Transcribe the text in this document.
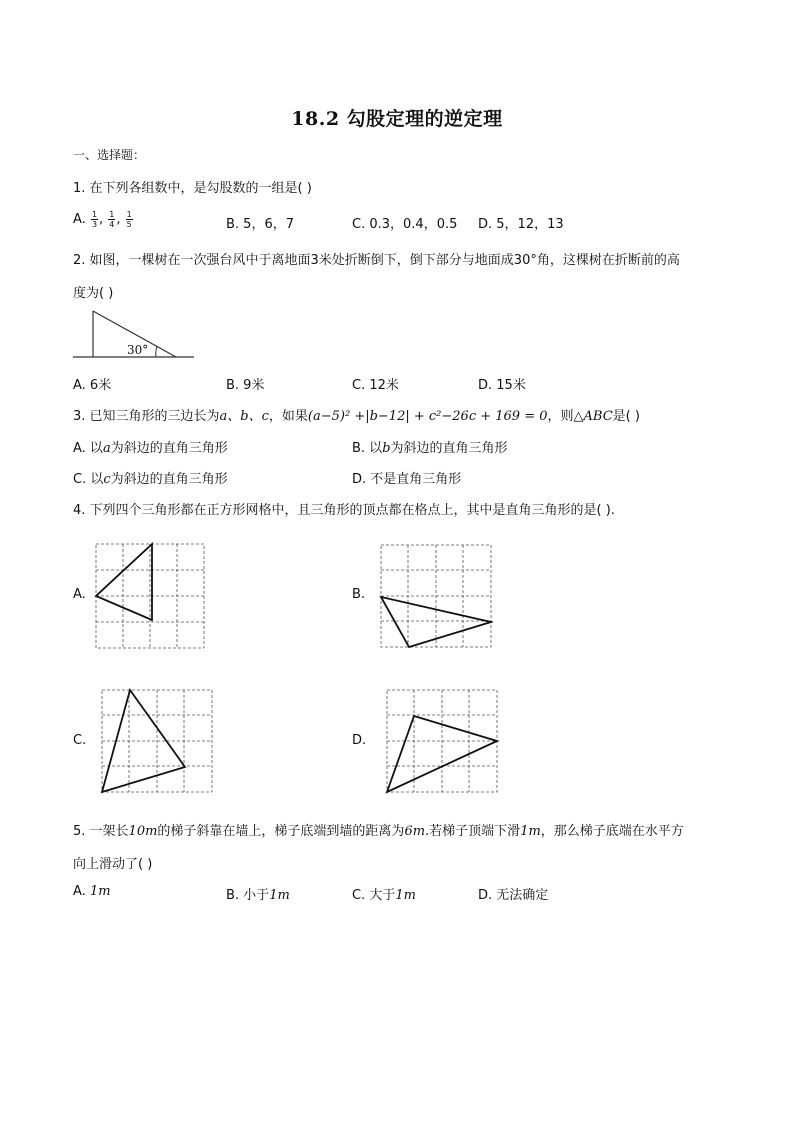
18.2 勾股定理的逆定理
一、选择题：
1. 在下列各组数中，是勾股数的一组是( )
A. $\frac{1}{3}$ , $\frac{1}{4}$ , $\frac{1}{5}$	B. 5，6，7	C. 0.3，0.4，0.5 D. 5，12，13
2. 如图，一棵树在一次强台风中于离地面3米处折断倒下，倒下部分与地面成30°角，这棵树在折断前的高
度为( )
30°
A. 6米	B. 9米	C. 12米	D. 15米
3. 已知三角形的三边长为a、b、c，如果(a−5)² +|b−12| + c²−26c + 169 = 0，则△ABC是( )
A. 以a为斜边的直角三角形	B. 以b为斜边的直角三角形
C. 以c为斜边的直角三角形	D. 不是直角三角形
4. 下列四个三角形都在正方形网格中，且三角形的顶点都在格点上，其中是直角三角形的是( ).
A.	B.
C.	D.
5. 一架长10m的梯子斜靠在墙上，梯子底端到墙的距离为6m.若梯子顶端下滑1m，那么梯子底端在水平方
向上滑动了( )
A. 1m	B. 小于1m	C. 大于1m	D. 无法确定
